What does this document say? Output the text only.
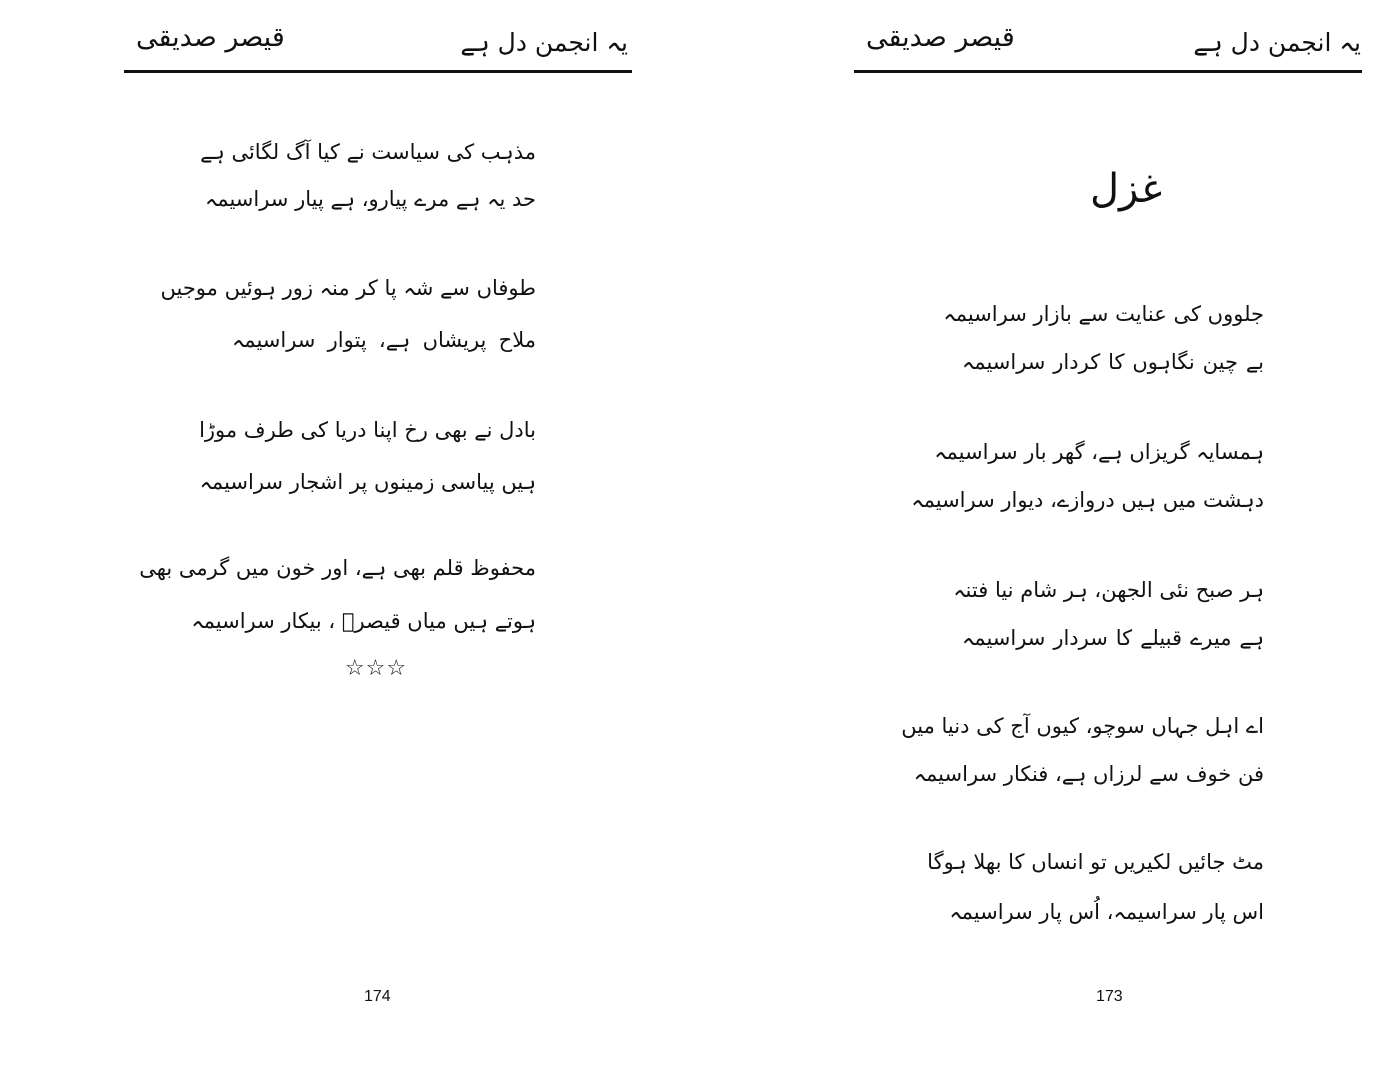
یہ انجمن دل ہے
قیصر صدیقی
مذہب کی سیاست نے کیا آگ لگائی ہے
حد یہ ہے مرے پیارو، ہے پیار سراسیمہ
طوفاں سے شہ پا کر منہ زور ہوئیں موجیں
ملاح پریشاں ہے، پتوار سراسیمہ
بادل نے بھی رخ اپنا دریا کی طرف موڑا
ہیں پیاسی زمینوں پر اشجار سراسیمہ
محفوظ قلم بھی ہے، اور خون میں گرمی بھی
ہوتے ہیں میاں قیصرؔ ، بیکار سراسیمہ
☆☆☆
174
یہ انجمن دل ہے
قیصر صدیقی
غزل
جلووں کی عنایت سے بازار سراسیمہ
بے چین نگاہوں کا کردار سراسیمہ
ہمسایہ گریزاں ہے، گھر بار سراسیمہ
دہشت میں ہیں دروازے، دیوار سراسیمہ
ہر صبح نئی الجھن، ہر شام نیا فتنہ
ہے میرے قبیلے کا سردار سراسیمہ
اے اہل جہاں سوچو، کیوں آج کی دنیا میں
فن خوف سے لرزاں ہے، فنکار سراسیمہ
مٹ جائیں لکیریں تو انساں کا بھلا ہوگا
اس پار سراسیمہ، اُس پار سراسیمہ
173
